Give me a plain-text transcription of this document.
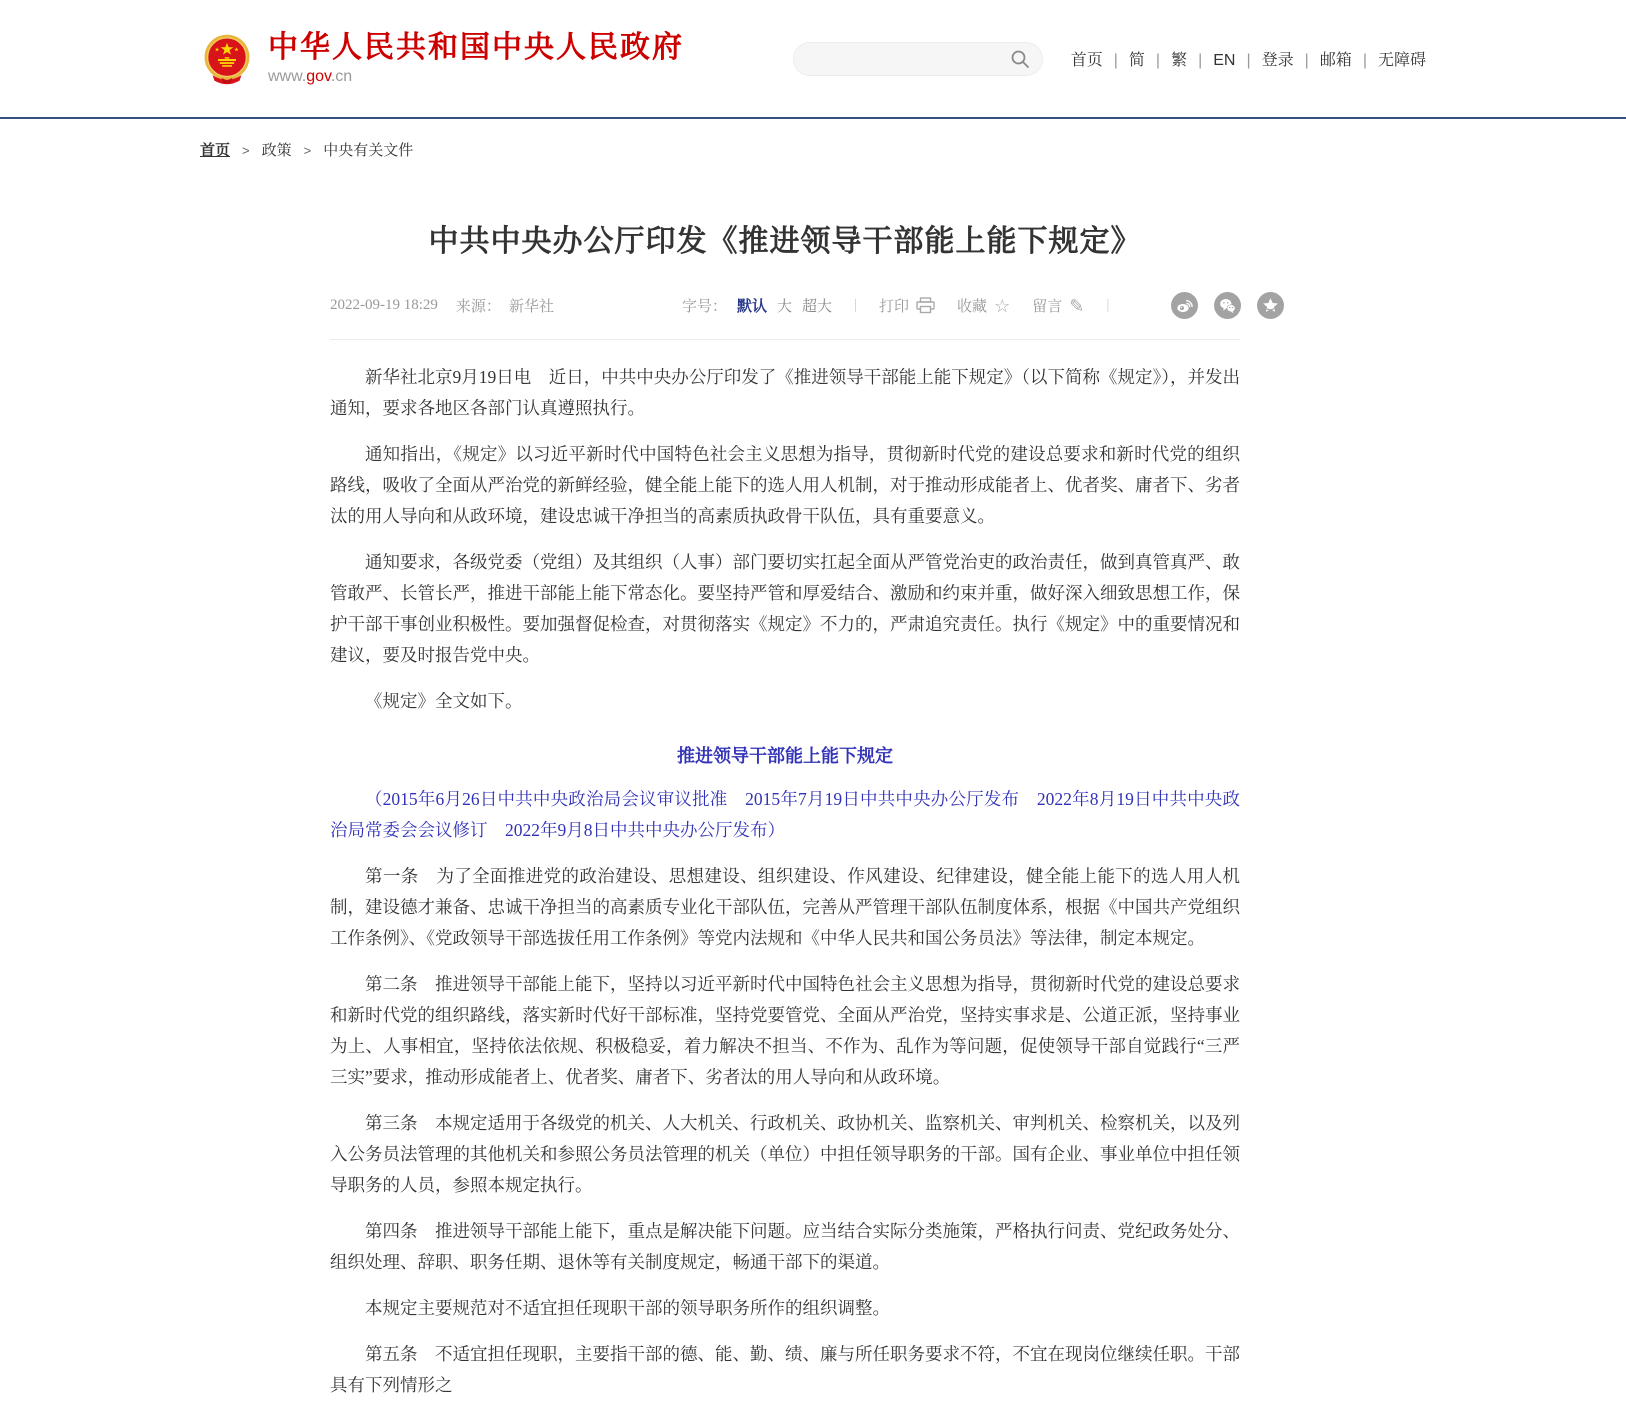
中华人民共和国中央人民政府
www.gov.cn
首页 | 简 | 繁 | EN | 登录 | 邮箱 | 无障碍
首页 > 政策 > 中央有关文件
中共中央办公厅印发《推进领导干部能上能下规定》
2022-09-19 18:29 来源： 新华社	字号： 默认 大 超大 | 打印	收藏 ☆ 留言 ✎ |

新华社北京9月19日电　近日，中共中央办公厅印发了《推进领导干部能上能下规定》（以下简称《规定》），并发出通知，要求各地区各部门认真遵照执行。

通知指出，《规定》以习近平新时代中国特色社会主义思想为指导，贯彻新时代党的建设总要求和新时代党的组织路线，吸收了全面从严治党的新鲜经验，健全能上能下的选人用人机制，对于推动形成能者上、优者奖、庸者下、劣者汰的用人导向和从政环境，建设忠诚干净担当的高素质执政骨干队伍，具有重要意义。

通知要求，各级党委（党组）及其组织（人事）部门要切实扛起全面从严管党治吏的政治责任，做到真管真严、敢管敢严、长管长严，推进干部能上能下常态化。要坚持严管和厚爱结合、激励和约束并重，做好深入细致思想工作，保护干部干事创业积极性。要加强督促检查，对贯彻落实《规定》不力的，严肃追究责任。执行《规定》中的重要情况和建议，要及时报告党中央。

《规定》全文如下。

推进领导干部能上能下规定

（2015年6月26日中共中央政治局会议审议批准　2015年7月19日中共中央办公厅发布　2022年8月19日中共中央政治局常委会会议修订　2022年9月8日中共中央办公厅发布）

第一条　为了全面推进党的政治建设、思想建设、组织建设、作风建设、纪律建设，健全能上能下的选人用人机制，建设德才兼备、忠诚干净担当的高素质专业化干部队伍，完善从严管理干部队伍制度体系，根据《中国共产党组织工作条例》、《党政领导干部选拔任用工作条例》等党内法规和《中华人民共和国公务员法》等法律，制定本规定。

第二条　推进领导干部能上能下，坚持以习近平新时代中国特色社会主义思想为指导，贯彻新时代党的建设总要求和新时代党的组织路线，落实新时代好干部标准，坚持党要管党、全面从严治党，坚持实事求是、公道正派，坚持事业为上、人事相宜，坚持依法依规、积极稳妥，着力解决不担当、不作为、乱作为等问题，促使领导干部自觉践行“三严三实”要求，推动形成能者上、优者奖、庸者下、劣者汰的用人导向和从政环境。

第三条　本规定适用于各级党的机关、人大机关、行政机关、政协机关、监察机关、审判机关、检察机关，以及列入公务员法管理的其他机关和参照公务员法管理的机关（单位）中担任领导职务的干部。国有企业、事业单位中担任领导职务的人员，参照本规定执行。

第四条　推进领导干部能上能下，重点是解决能下问题。应当结合实际分类施策，严格执行问责、党纪政务处分、组织处理、辞职、职务任期、退休等有关制度规定，畅通干部下的渠道。

本规定主要规范对不适宜担任现职干部的领导职务所作的组织调整。

第五条　不适宜担任现职，主要指干部的德、能、勤、绩、廉与所任职务要求不符，不宜在现岗位继续任职。干部具有下列情形之
